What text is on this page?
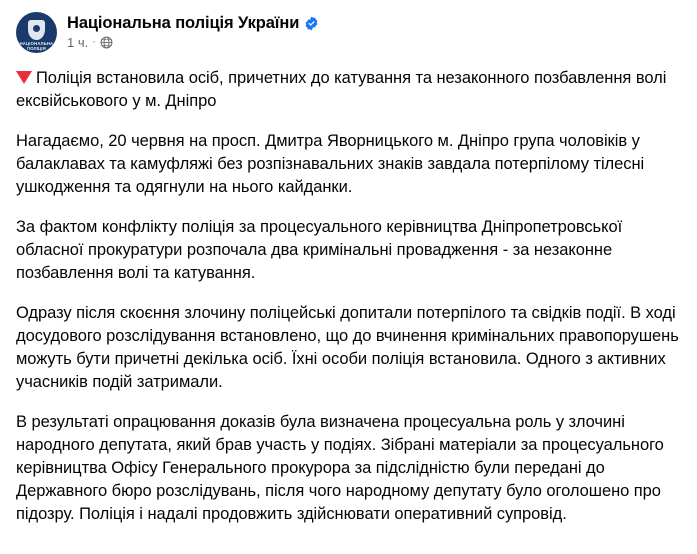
НАЦІОНАЛЬНА ПОЛІЦІЯ
Національна поліція України
1 ч. ·

Поліція встановила осіб, причетних до катування та незаконного позбавлення волі ексвійськового у м. Дніпро

Нагадаємо, 20 червня на просп. Дмитра Яворницького м. Дніпро група чоловіків у балаклавах та камуфляжі без розпізнавальних знаків завдала потерпілому тілесні ушкодження та одягнули на нього кайданки.

За фактом конфлікту поліція за процесуального керівництва Дніпропетровської обласної прокуратури розпочала два кримінальні провадження - за незаконне позбавлення волі та катування.

Одразу після скоєння злочину поліцейські допитали потерпілого та свідків події. В ході досудового розслідування встановлено, що до вчинення кримінальних правопорушень можуть бути причетні декілька осіб. Їхні особи поліція встановила. Одного з активних учасників подій затримали.

В результаті опрацювання доказів була визначена процесуальна роль у злочині народного депутата, який брав участь у подіях. Зібрані матеріали за процесуального керівництва Офісу Генерального прокурора за підслідністю були передані до Державного бюро розслідувань, після чого народному депутату було оголошено про підозру. Поліція і надалі продовжить здійснювати оперативний супровід.
